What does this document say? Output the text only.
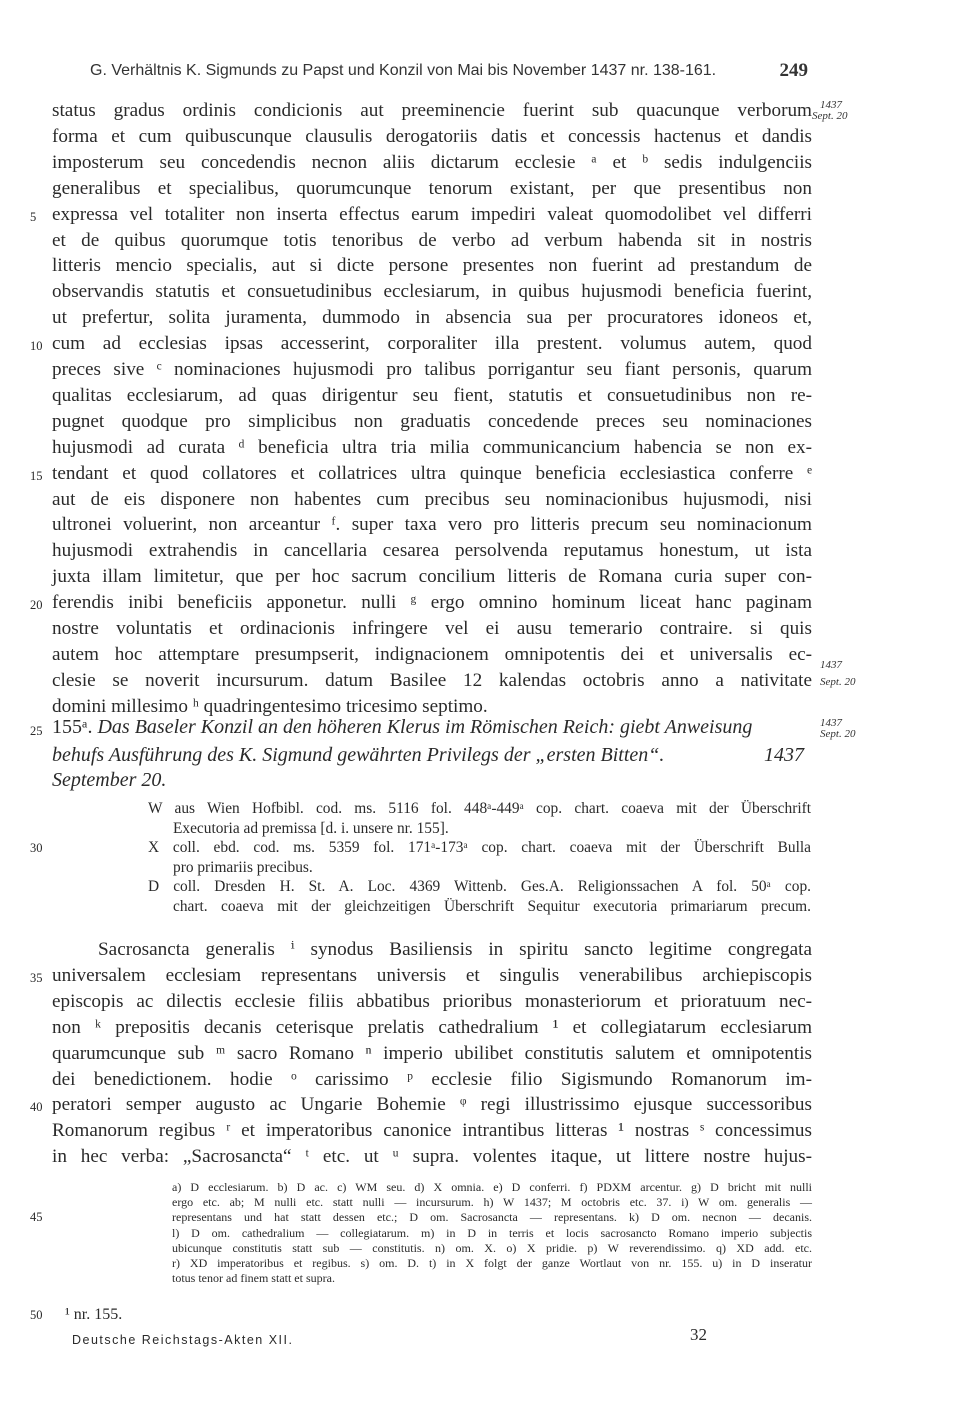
G. Verhältnis K. Sigmunds zu Papst und Konzil von Mai bis November 1437 nr. 138-161.	249
status gradus ordinis condicionis aut preeminencie fuerint sub quacunque verborum
forma et cum quibuscunque clausulis derogatoriis datis et concessis hactenus et dandis
imposterum seu concedendis necnon aliis dictarum ecclesie ᵃ et ᵇ sedis indulgenciis
generalibus et specialibus, quorumcunque tenorum existant, per que presentibus non
5 expressa vel totaliter non inserta effectus earum impediri valeat quomodolibet vel differri
et de quibus quorumque totis tenoribus de verbo ad verbum habenda sit in nostris
litteris mencio specialis, aut si dicte persone presentes non fuerint ad prestandum de
observandis statutis et consuetudinibus ecclesiarum, in quibus hujusmodi beneficia fuerint,
ut prefertur, solita juramenta, dummodo in absencia sua per procuratores idoneos et,
10 cum ad ecclesias ipsas accesserint, corporaliter illa prestent. volumus autem, quod
preces sive ᶜ nominaciones hujusmodi pro talibus porrigantur seu fiant personis, quarum
qualitas ecclesiarum, ad quas dirigentur seu fient, statutis et consuetudinibus non re-
pugnet quodque pro simplicibus non graduatis concedende preces seu nominaciones
hujusmodi ad curata ᵈ beneficia ultra tria milia communicancium habencia se non ex-
15 tendant et quod collatores et collatrices ultra quinque beneficia ecclesiastica conferre ᵉ
aut de eis disponere non habentes cum precibus seu nominacionibus hujusmodi, nisi
ultronei voluerint, non arceantur ᶠ. super taxa vero pro litteris precum seu nominacionum
hujusmodi extrahendis in cancellaria cesarea persolvenda reputamus honestum, ut ista
juxta illam limitetur, que per hoc sacrum concilium litteris de Romana curia super con-
20 ferendis inibi beneficiis apponetur. nulli ᵍ ergo omnino hominum liceat hanc paginam
nostre voluntatis et ordinacionis infringere vel ei ausu temerario contraire. si quis
autem hoc attemptare presumpserit, indignacionem omnipotentis dei et universalis ec-
clesie se noverit incursurum. datum Basilee 12 kalendas octobris anno a nativitate
domini millesimo ʰ quadringentesimo tricesimo septimo.
1437
Sept. 20
1437
Sept. 20
1437
Sept. 20
25 155ᵃ. Das Baseler Konzil an den höheren Klerus im Römischen Reich: giebt Anweisung
behufs Ausführung des K. Sigmund gewährten Privilegs der „ersten Bitten“.	1437
September 20.
W aus Wien Hofbibl. cod. ms. 5116 fol. 448ᵃ-449ᵃ cop. chart. coaeva mit der Überschrift
Executoria ad premissa [d. i. unsere nr. 155].
30	X coll. ebd. cod. ms. 5359 fol. 171ᵃ-173ᵃ cop. chart. coaeva mit der Überschrift Bulla
pro primariis precibus.
D coll. Dresden H. St. A. Loc. 4369 Wittenb. Ges.A. Religionssachen A fol. 50ᵃ cop.
chart. coaeva mit der gleichzeitigen Überschrift Sequitur executoria primariarum precum.
Sacrosancta generalis ⁱ synodus Basiliensis in spiritu sancto legitime congregata
35 universalem ecclesiam representans universis et singulis venerabilibus archiepiscopis
episcopis ac dilectis ecclesie filiis abbatibus prioribus monasteriorum et prioratuum nec-
non ᵏ prepositis decanis ceterisque prelatis cathedralium ¹ et collegiatarum ecclesiarum
quarumcunque sub ᵐ sacro Romano ⁿ imperio ubilibet constitutis salutem et omnipotentis
dei benedictionem. hodie ᵒ carissimo ᵖ ecclesie filio Sigismundo Romanorum im-
40 peratori semper augusto ac Ungarie Bohemie ᵠ regi illustrissimo ejusque successoribus
Romanorum regibus ʳ et imperatoribus canonice intrantibus litteras ¹ nostras ˢ concessimus
in hec verba: „Sacrosancta“ ᵗ etc. ut ᵘ supra. volentes itaque, ut littere nostre hujus-
a) D ecclesiarum. b) D ac. c) WM seu. d) X omnia. e) D conferri. f) PDXM arcentur. g) D bricht mit nulli
ergo etc. ab; M nulli etc. statt nulli — incursurum. h) W 1437; M octobris etc. 37. i) W om. generalis —
45	representans und hat statt dessen etc.; D om. Sacrosancta — representans. k) D om. necnon — decanis.
l) D om. cathedralium — collegiatarum. m) in D in terris et locis sacrosancto Romano imperio subjectis
ubicunque constitutis statt sub — constitutis. n) om. X. o) X pridie. p) W reverendissimo. q) XD add. etc.
r) XD imperatoribus et regibus. s) om. D. t) in X folgt der ganze Wortlaut von nr. 155. u) in D inseratur
totus tenor ad finem statt et supra.
50 ¹ nr. 155.
Deutsche Reichstags-Akten XII.	32
